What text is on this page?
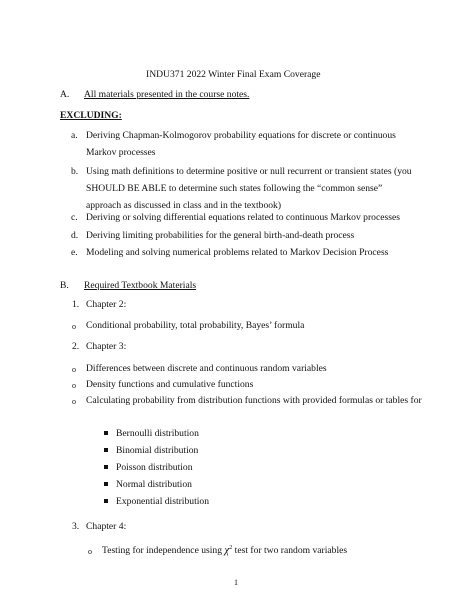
INDU371 2022 Winter Final Exam Coverage
A. All materials presented in the course notes.
EXCLUDING:
a. Deriving Chapman-Kolmogorov probability equations for discrete or continuous Markov processes
b. Using math definitions to determine positive or null recurrent or transient states (you SHOULD BE ABLE to determine such states following the “common sense” approach as discussed in class and in the textbook)
c. Deriving or solving differential equations related to continuous Markov processes
d. Deriving limiting probabilities for the general birth-and-death process
e. Modeling and solving numerical problems related to Markov Decision Process
B. Required Textbook Materials
1. Chapter 2:
o Conditional probability, total probability, Bayes’ formula
2. Chapter 3:
o Differences between discrete and continuous random variables
o Density functions and cumulative functions
o Calculating probability from distribution functions with provided formulas or tables for
Bernoulli distribution
Binomial distribution
Poisson distribution
Normal distribution
Exponential distribution
3. Chapter 4:
o Testing for independence using $\chi^2$ test for two random variables
1
